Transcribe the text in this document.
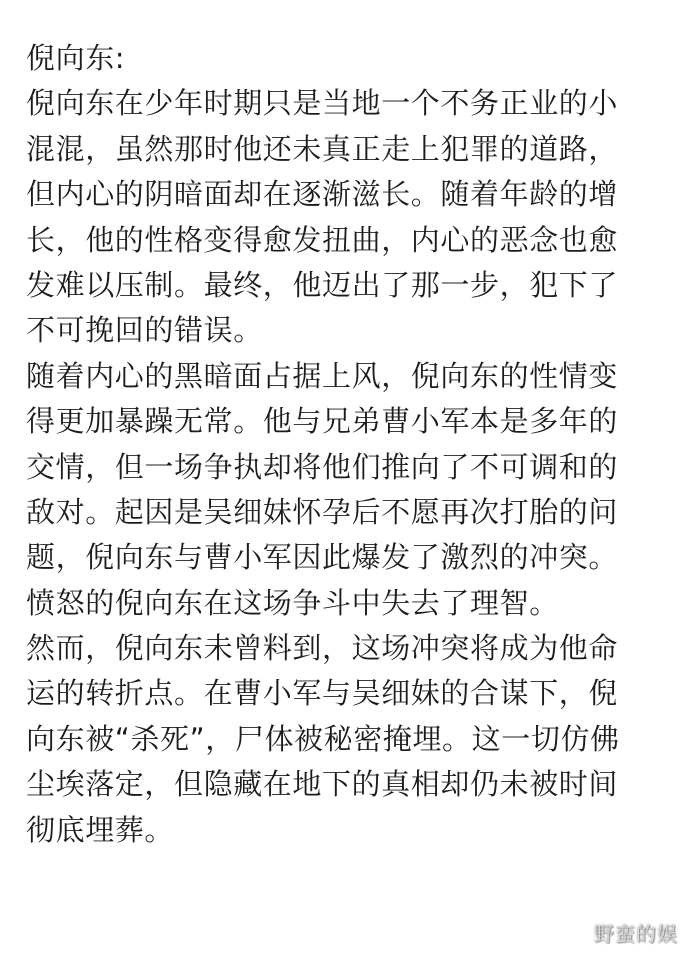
倪向东:
倪向东在少年时期只是当地一个不务正业的小
混混，虽然那时他还未真正走上犯罪的道路，
但内心的阴暗面却在逐渐滋长。随着年龄的增
长，他的性格变得愈发扭曲，内心的恶念也愈
发难以压制。最终，他迈出了那一步，犯下了
不可挽回的错误。
随着内心的黑暗面占据上风，倪向东的性情变
得更加暴躁无常。他与兄弟曹小军本是多年的
交情，但一场争执却将他们推向了不可调和的
敌对。起因是吴细妹怀孕后不愿再次打胎的问
题，倪向东与曹小军因此爆发了激烈的冲突。
愤怒的倪向东在这场争斗中失去了理智。
然而，倪向东未曾料到，这场冲突将成为他命
运的转折点。在曹小军与吴细妹的合谋下，倪
向东被“杀死”，尸体被秘密掩埋。这一切仿佛
尘埃落定，但隐藏在地下的真相却仍未被时间
彻底埋葬。
野蛮的娱
